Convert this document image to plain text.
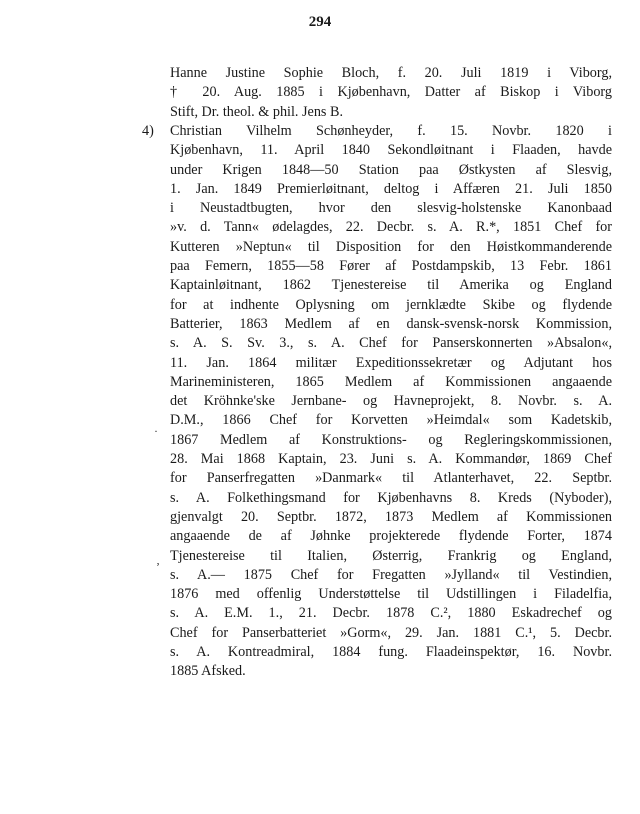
294
Hanne Justine Sophie Bloch, f. 20. Juli 1819 i Viborg,
† 20. Aug. 1885 i Kjøbenhavn, Datter af Biskop i Viborg
Stift, Dr. theol. & phil. Jens B.
4) Christian Vilhelm Schønheyder, f. 15. Novbr. 1820 i
Kjøbenhavn, 11. April 1840 Sekondløitnant i Flaaden, havde
under Krigen 1848—50 Station paa Østkysten af Slesvig,
1. Jan. 1849 Premierløitnant, deltog i Affæren 21. Juli 1850
i Neustadtbugten, hvor den slesvig-holstenske Kanonbaad
»v. d. Tann« ødelagdes, 22. Decbr. s. A. R.*, 1851 Chef for
Kutteren »Neptun« til Disposition for den Høistkommanderende
paa Femern, 1855—58 Fører af Postdampskib, 13 Febr. 1861
Kaptainløitnant, 1862 Tjenestereise til Amerika og England
for at indhente Oplysning om jernklædte Skibe og flydende
Batterier, 1863 Medlem af en dansk-svensk-norsk Kommission,
s. A. S. Sv. 3., s. A. Chef for Panserskonnerten »Absalon«,
11. Jan. 1864 militær Expeditionssekretær og Adjutant hos
Marineministeren, 1865 Medlem af Kommissionen angaaende
det Kröhnke'ske Jernbane- og Havneprojekt, 8. Novbr. s. A.
D.M., 1866 Chef for Korvetten »Heimdal« som Kadetskib,
1867 Medlem af Konstruktions- og Regleringskommissionen,
28. Mai 1868 Kaptain, 23. Juni s. A. Kommandør, 1869 Chef
for Panserfregatten »Danmark« til Atlanterhavet, 22. Septbr.
s. A. Folkethingsmand for Kjøbenhavns 8. Kreds (Nyboder),
gjenvalgt 20. Septbr. 1872, 1873 Medlem af Kommissionen
angaaende de af Jøhnke projekterede flydende Forter, 1874
Tjenestereise til Italien, Østerrig, Frankrig og England,
s. A.— 1875 Chef for Fregatten »Jylland« til Vestindien,
1876 med offenlig Understøttelse til Udstillingen i Filadelfia,
s. A. E.M. 1., 21. Decbr. 1878 C.², 1880 Eskadrechef og
Chef for Panserbatteriet »Gorm«, 29. Jan. 1881 C.¹, 5. Decbr.
s. A. Kontreadmiral, 1884 fung. Flaadeinspektør, 16. Novbr.
1885 Afsked.
·
ʼ
